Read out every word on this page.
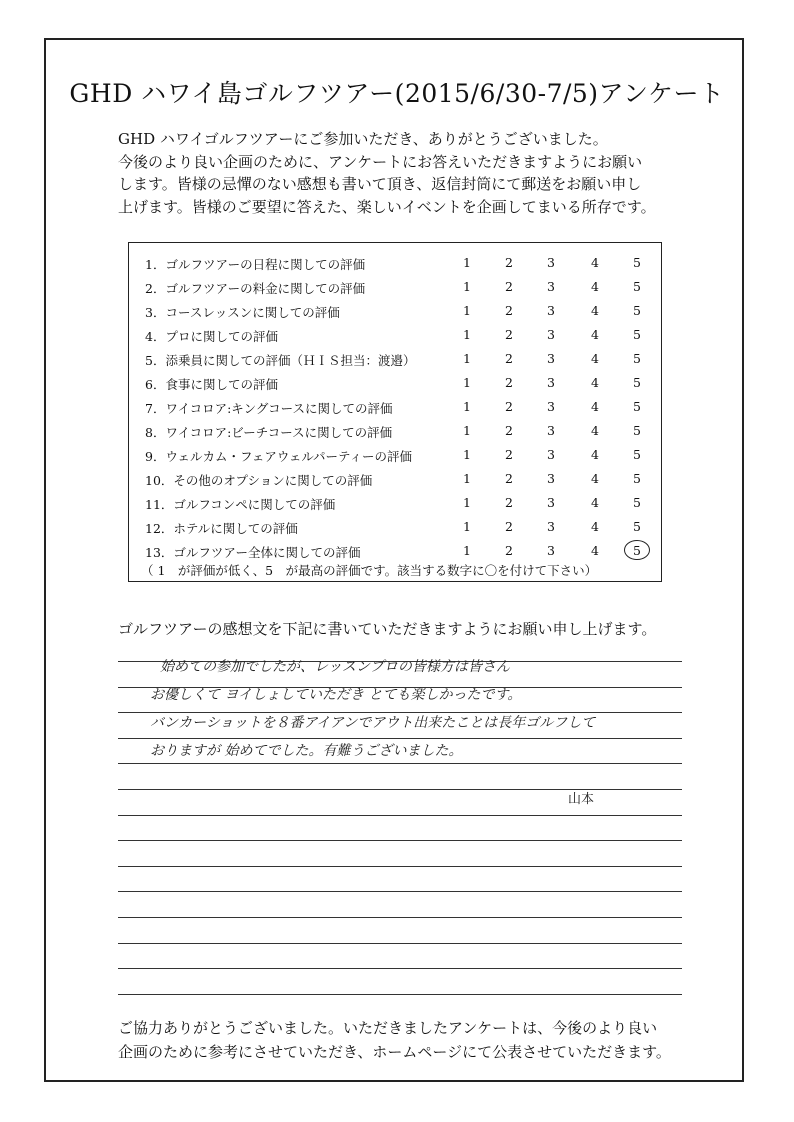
GHD ハワイ島ゴルフツアー(2015/6/30-7/5)アンケート
GHD ハワイゴルフツアーにご参加いただき、ありがとうございました。
今後のより良い企画のために、アンケートにお答えいただきますようにお願い
します。皆様の忌憚のない感想も書いて頂き、返信封筒にて郵送をお願い申し
上げます。皆様のご要望に答えた、楽しいイベントを企画してまいる所存です。
（ 1　が評価が低く、5　が最高の評価です。該当する数字に〇を付けて下さい）
1．ゴルフツアーの日程に関しての評価	1	2	3	4	5
2．ゴルフツアーの料金に関しての評価	1	2	3	4	5
3．コースレッスンに関しての評価	1	2	3	4	5
4．プロに関しての評価	1	2	3	4	5
5．添乗員に関しての評価（ＨＩＳ担当：渡邉）	1	2	3	4	5
6．食事に関しての評価	1	2	3	4	5
7．ワイコロア:キングコースに関しての評価	1	2	3	4	5
8．ワイコロア:ビーチコースに関しての評価	1	2	3	4	5
9．ウェルカム・フェアウェルパーティーの評価	1	2	3	4	5
10．その他のオプションに関しての評価	1	2	3	4	5
11．ゴルフコンペに関しての評価	1	2	3	4	5
12．ホテルに関しての評価	1	2	3	4	5
13．ゴルフツアー全体に関しての評価	1	2	3	4	5
ゴルフツアーの感想文を下記に書いていただきますようにお願い申し上げます。
始めての参加でしたが、レッスンプロの皆様方は皆さん
お優しくて ヨイしょしていただき とても楽しかったです。
バンカーショットを８番アイアンでアウト出来たことは長年ゴルフして
おりますが 始めてでした。有難うございました。
山本
ご協力ありがとうございました。いただきましたアンケートは、今後のより良い
企画のために参考にさせていただき、ホームページにて公表させていただきます。
